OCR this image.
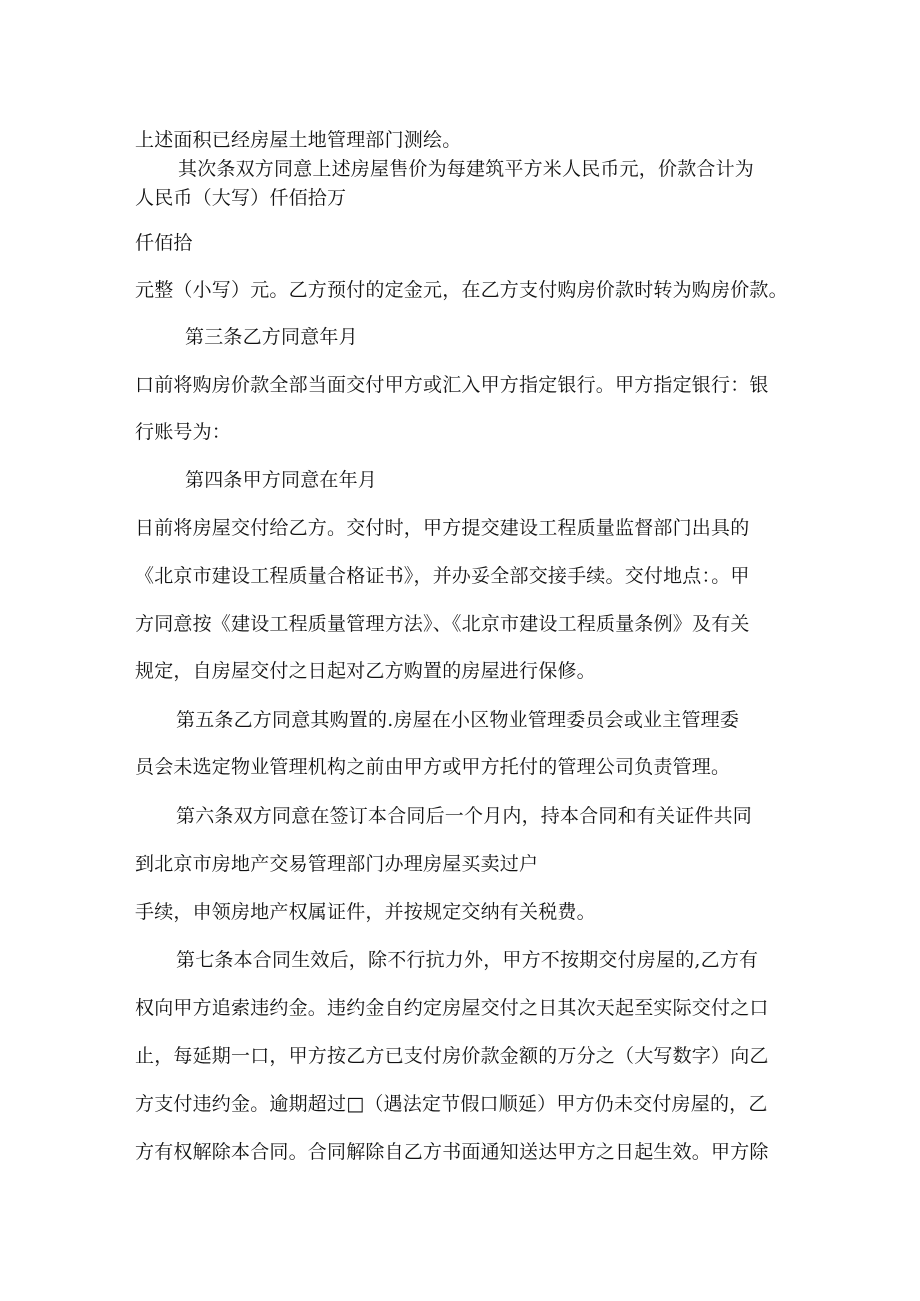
上述面积已经房屋土地管理部门测绘。
其次条双方同意上述房屋售价为每建筑平方米人民币元，价款合计为
人民币（大写）仟佰拾万
仟佰拾
元整（小写）元。乙方预付的定金元，在乙方支付购房价款时转为购房价款。
第三条乙方同意年月
口前将购房价款全部当面交付甲方或汇入甲方指定银行。甲方指定银行：银
行账号为：
第四条甲方同意在年月
日前将房屋交付给乙方。交付时，甲方提交建设工程质量监督部门出具的
《北京市建设工程质量合格证书》，并办妥全部交接手续。交付地点：。甲
方同意按《建设工程质量管理方法》、《北京市建设工程质量条例》及有关
规定，自房屋交付之日起对乙方购置的房屋进行保修。
第五条乙方同意其购置的.房屋在小区物业管理委员会或业主管理委
员会未选定物业管理机构之前由甲方或甲方托付的管理公司负责管理。
第六条双方同意在签订本合同后一个月内，持本合同和有关证件共同
到北京市房地产交易管理部门办理房屋买卖过户
手续，申领房地产权属证件，并按规定交纳有关税费。
第七条本合同生效后，除不行抗力外，甲方不按期交付房屋的,乙方有
权向甲方追索违约金。违约金自约定房屋交付之日其次天起至实际交付之口
止，每延期一口，甲方按乙方已支付房价款金额的万分之（大写数字）向乙
方支付违约金。逾期超过□（遇法定节假口顺延）甲方仍未交付房屋的，乙
方有权解除本合同。合同解除自乙方书面通知送达甲方之日起生效。甲方除
